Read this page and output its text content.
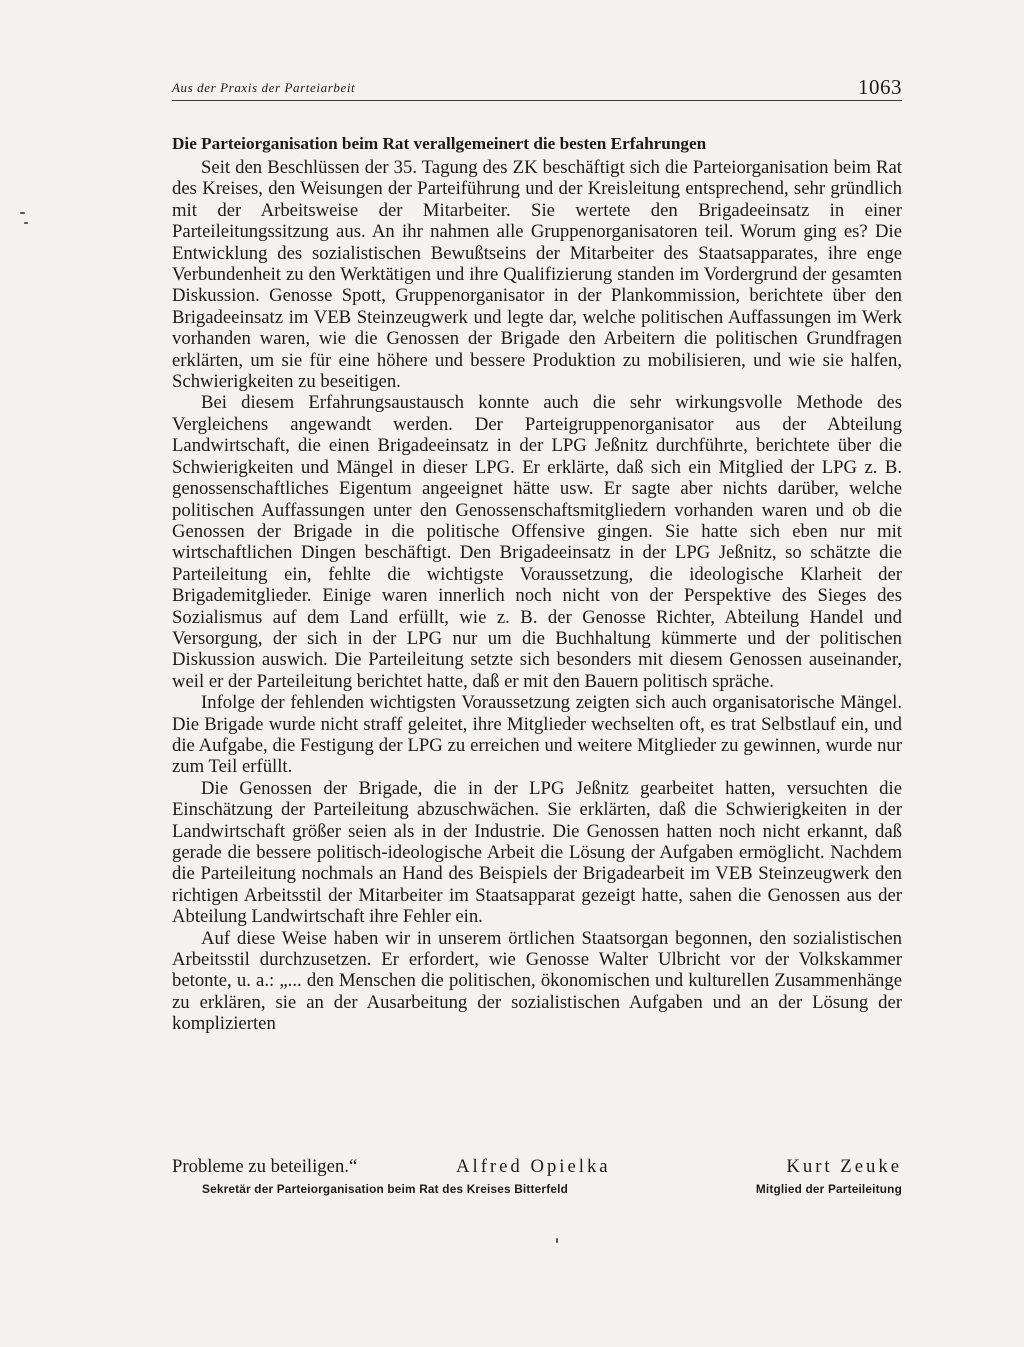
Aus der Praxis der Parteiarbeit	1063
Die Parteiorganisation beim Rat verallgemeinert die besten Erfahrungen

Seit den Beschlüssen der 35. Tagung des ZK beschäftigt sich die Parteiorganisation beim Rat des Kreises, den Weisungen der Parteiführung und der Kreisleitung entsprechend, sehr gründlich mit der Arbeitsweise der Mitarbeiter. Sie wertete den Brigadeeinsatz in einer Parteileitungssitzung aus. An ihr nahmen alle Gruppenorganisatoren teil. Worum ging es? Die Entwicklung des sozialistischen Bewußtseins der Mitarbeiter des Staatsapparates, ihre enge Verbundenheit zu den Werktätigen und ihre Qualifizierung standen im Vordergrund der gesamten Diskussion. Genosse Spott, Gruppenorganisator in der Plankommission, berichtete über den Brigadeeinsatz im VEB Steinzeugwerk und legte dar, welche politischen Auffassungen im Werk vorhanden waren, wie die Genossen der Brigade den Arbeitern die politischen Grundfragen erklärten, um sie für eine höhere und bessere Produktion zu mobilisieren, und wie sie halfen, Schwierigkeiten zu beseitigen.

Bei diesem Erfahrungsaustausch konnte auch die sehr wirkungsvolle Methode des Vergleichens angewandt werden. Der Parteigruppenorganisator aus der Abteilung Landwirtschaft, die einen Brigadeeinsatz in der LPG Jeßnitz durchführte, berichtete über die Schwierigkeiten und Mängel in dieser LPG. Er erklärte, daß sich ein Mitglied der LPG z. B. genossenschaftliches Eigentum angeeignet hätte usw. Er sagte aber nichts darüber, welche politischen Auffassungen unter den Genossenschaftsmitgliedern vorhanden waren und ob die Genossen der Brigade in die politische Offensive gingen. Sie hatte sich eben nur mit wirtschaftlichen Dingen beschäftigt. Den Brigadeeinsatz in der LPG Jeßnitz, so schätzte die Parteileitung ein, fehlte die wichtigste Voraussetzung, die ideologische Klarheit der Brigademitglieder. Einige waren innerlich noch nicht von der Perspektive des Sieges des Sozialismus auf dem Land erfüllt, wie z. B. der Genosse Richter, Abteilung Handel und Versorgung, der sich in der LPG nur um die Buchhaltung kümmerte und der politischen Diskussion auswich. Die Parteileitung setzte sich besonders mit diesem Genossen auseinander, weil er der Parteileitung berichtet hatte, daß er mit den Bauern politisch spräche.

Infolge der fehlenden wichtigsten Voraussetzung zeigten sich auch organisatorische Mängel. Die Brigade wurde nicht straff geleitet, ihre Mitglieder wechselten oft, es trat Selbstlauf ein, und die Aufgabe, die Festigung der LPG zu erreichen und weitere Mitglieder zu gewinnen, wurde nur zum Teil erfüllt.

Die Genossen der Brigade, die in der LPG Jeßnitz gearbeitet hatten, versuchten die Einschätzung der Parteileitung abzuschwächen. Sie erklärten, daß die Schwierigkeiten in der Landwirtschaft größer seien als in der Industrie. Die Genossen hatten noch nicht erkannt, daß gerade die bessere politisch-ideologische Arbeit die Lösung der Aufgaben ermöglicht. Nachdem die Parteileitung nochmals an Hand des Beispiels der Brigadearbeit im VEB Steinzeugwerk den richtigen Arbeitsstil der Mitarbeiter im Staatsapparat gezeigt hatte, sahen die Genossen aus der Abteilung Landwirtschaft ihre Fehler ein.

Auf diese Weise haben wir in unserem örtlichen Staatsorgan begonnen, den sozialistischen Arbeitsstil durchzusetzen. Er erfordert, wie Genosse Walter Ulbricht vor der Volkskammer betonte, u. a.: „... den Menschen die politischen, ökonomischen und kulturellen Zusammenhänge zu erklären, sie an der Ausarbeitung der sozialistischen Aufgaben und an der Lösung der komplizierten

Probleme zu beteiligen.“	Alfred Opielka	Kurt Zeuke
Sekretär der Parteiorganisation beim Rat des Kreises Bitterfeld	Mitglied der Parteileitung
